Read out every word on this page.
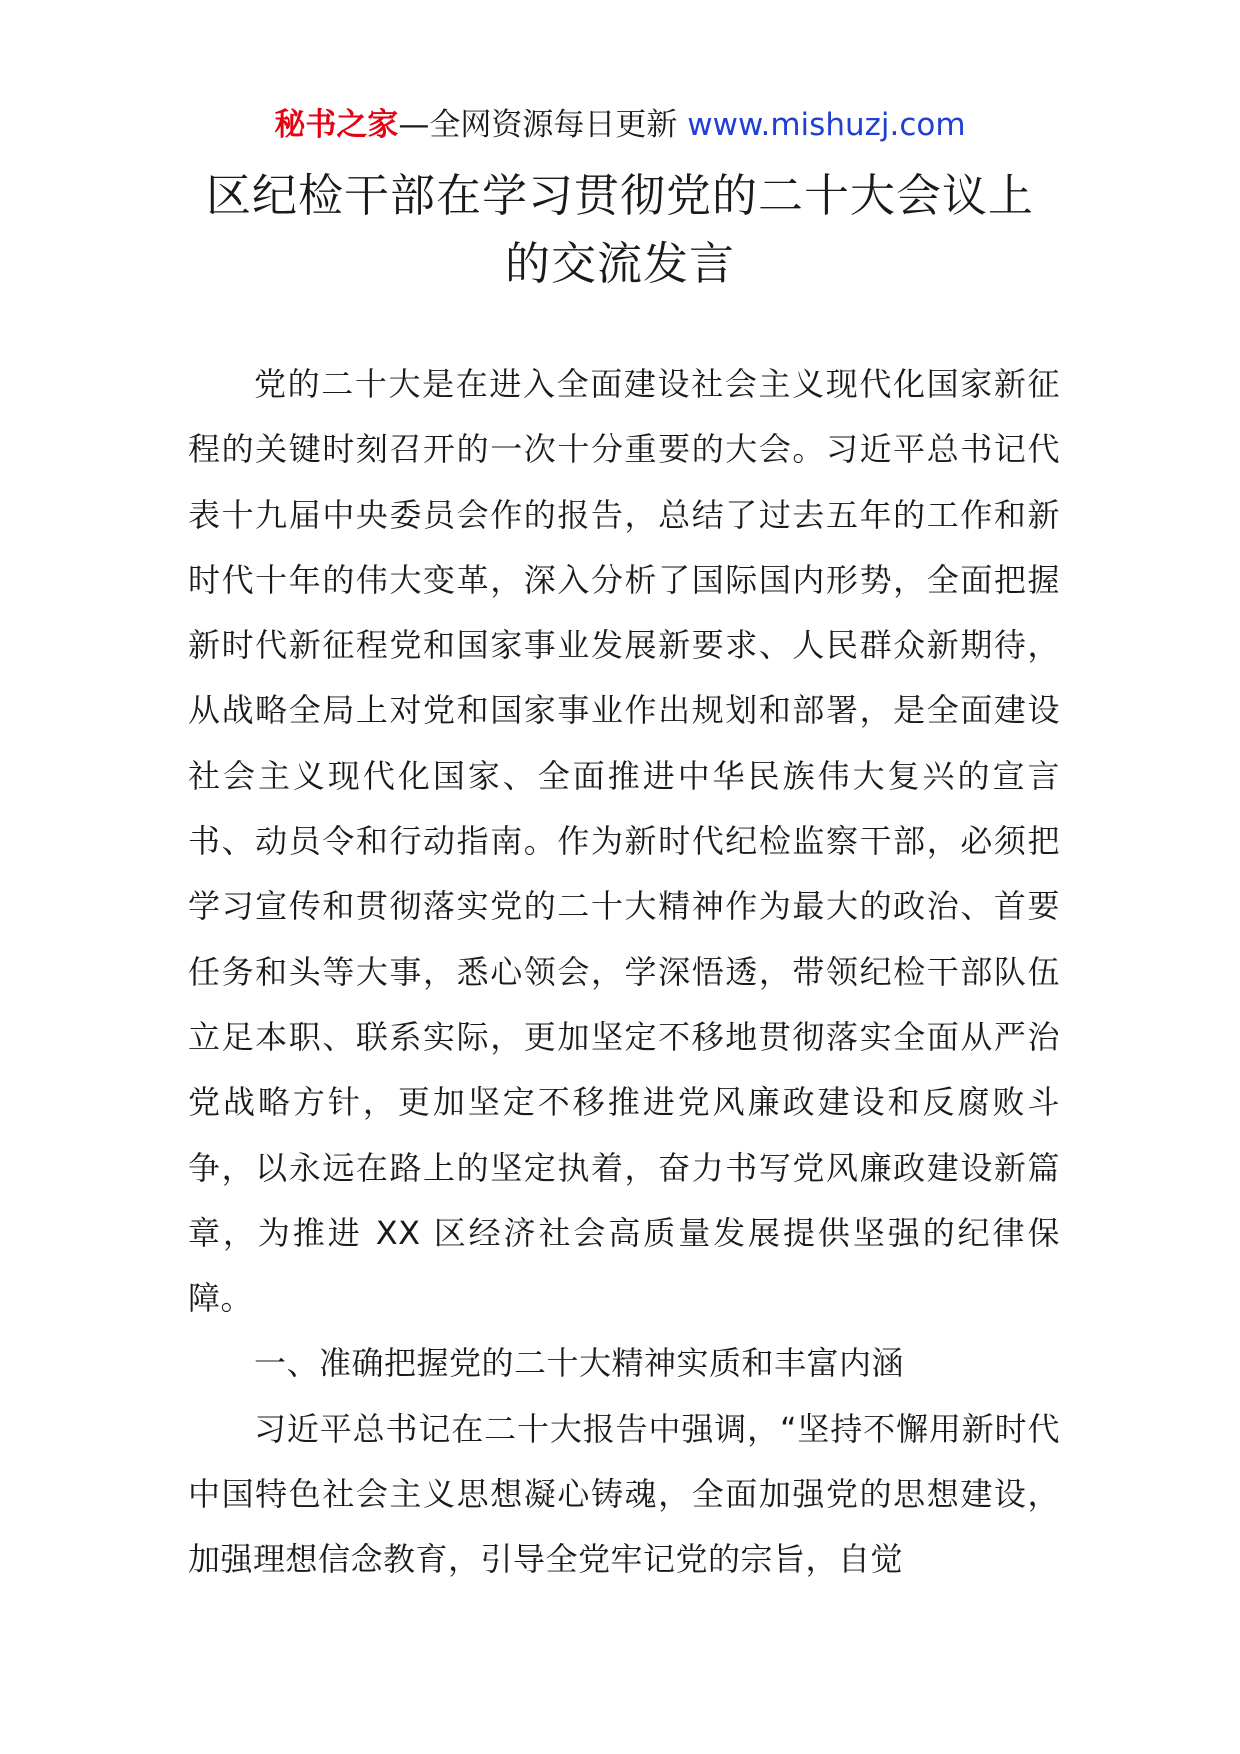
秘书之家—全网资源每日更新 www.mishuzj.com
区纪检干部在学习贯彻党的二十大会议上
的交流发言

党的二十大是在进入全面建设社会主义现代化国家新征程的关键时刻召开的一次十分重要的大会。习近平总书记代表十九届中央委员会作的报告，总结了过去五年的工作和新时代十年的伟大变革，深入分析了国际国内形势，全面把握新时代新征程党和国家事业发展新要求、人民群众新期待，从战略全局上对党和国家事业作出规划和部署，是全面建设社会主义现代化国家、全面推进中华民族伟大复兴的宣言书、动员令和行动指南。作为新时代纪检监察干部，必须把学习宣传和贯彻落实党的二十大精神作为最大的政治、首要任务和头等大事，悉心领会，学深悟透，带领纪检干部队伍立足本职、联系实际，更加坚定不移地贯彻落实全面从严治党战略方针，更加坚定不移推进党风廉政建设和反腐败斗争，以永远在路上的坚定执着，奋力书写党风廉政建设新篇章，为推进 XX 区经济社会高质量发展提供坚强的纪律保障。

一、准确把握党的二十大精神实质和丰富内涵

习近平总书记在二十大报告中强调，“坚持不懈用新时代中国特色社会主义思想凝心铸魂，全面加强党的思想建设，加强理想信念教育，引导全党牢记党的宗旨，自觉
